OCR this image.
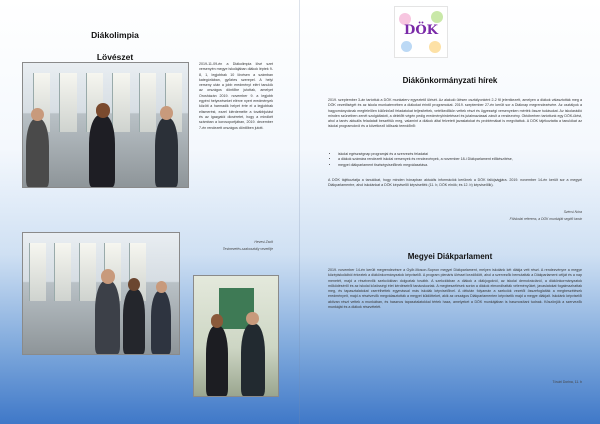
Diákolimpia
Lövészet
2019-11-09-én a Diákolimpia lövé szet versenyén megye iskolájában diákok léptek 9-8, 1, legjobbak 10 lövésen a számban kategóriában, győztes szerepel. A helyi verseny után a jobb eredményt elért tanulók az országos döntőbe jutottak, amelyet Orosházán 2019. november 9. a legjobb egyéni helyezéseket elérve nyert eredmények között a harmadik helyet érte el a legjobbak elismerést, ezzel kiérdemelte a továbbjutást és az igazgatói dicséretet, hogy a mindkét számban a korcsoportjában, 2019. december 7-én rendezett országos döntőben jutott.
Hevesi Zsolt
Testnevelés-szakosztály vezetője
DÖK
Diákönkormányzati hírek
2019. szeptember 3-án tartottuk a DÖK munkaterv egyeztető ülését. Az alakuló ülésen osztályonként 2-2 fő jelentkezett, amelyen a diákok választották meg a DÖK vezetőségét és az iskola munkatervében a diákokat érintő programokat. 2019. szeptember 27-én került sor a Diáknap megrendezésére. Az osztályok a hagyományoknak megfelelően különböző feladatokat teljesítettek, vetélkedőkön vettek részt és ügyességi versenyeken mérték össze tudásukat. Az iskolarádió minden szünetben zenét szolgáltatott, a délelőtt végén pedig eredményhirdetéssel és jutalmazással zárult a rendezvény. Októberben tartottunk egy DÖK-ülést, ahol a tanév aktuális feladatait beszéltük meg, valamint a diákok által felvetett javaslatokat és problémákat is megvitattuk. A DÖK tájékoztatta a tanulókat az iskolai programokról és a következő időszak teendőiről:
• iskolai egészségnap programjai és a szervezés feladatai
• a diákok számára rendezett iskolai versenyek és rendezvények, a november 18-i Diákparlament előkészítése,
• megyei diákparlament tisztségviselőinek megválasztása.
A DÖK tájékoztatja a tanulókat, hogy minden hónapban aktuális információk kerülnek a DÖK faliújságjára. 2019. november 14-én került sor a megyei Diákparlamentre, ahol iskolánkat a DÖK képviselői képviselték (11. b, DÖK elnök; és 12. b) képviselőik).
Szécsi Nóra
Főiskolai referens, a DÖK munkáját segítő tanár
Megyei Diákparlament
2019. november 14-én került megrendezésre a Győr-Moson-Sopron megyei Diákparlament, melyen iskolánk két diákja vett részt. A rendezvényre a megye középiskoláiból érkeztek a diákönkormányzatok képviselői. A program plenáris üléssel kezdődött, ahol a szervezők bemutatták a Diákparlament célját és a nap menetét, majd a résztvevők szekciókban dolgoztak tovább. A szekciókban a diákok a diákjogokról, az iskolai demokráciáról, a diákönkormányzatok működéséről és az iskolai közösségi élet kérdéseiről tanácskoztak. A megbeszélések során a diákok elmondhatták véleményüket, javaslatokat fogalmazhattak meg, és tapasztalatokat cserélhettek egymással más iskolák képviselőivel. A délután folyamán a szekciók vezetői összefoglalták a megbeszélések eredményeit, majd a résztvevők megválasztották a megyei küldötteket, akik az országos Diákparlamenten képviselik majd a megye diákjait. Iskolánk képviselői aktívan részt vettek a munkában, és hasznos tapasztalatokkal tértek haza, amelyeket a DÖK munkájában is hasznosítani tudnak. Köszönjük a szervezők munkáját és a diákok részvételét.
Tóvári Dorina, 11. b
